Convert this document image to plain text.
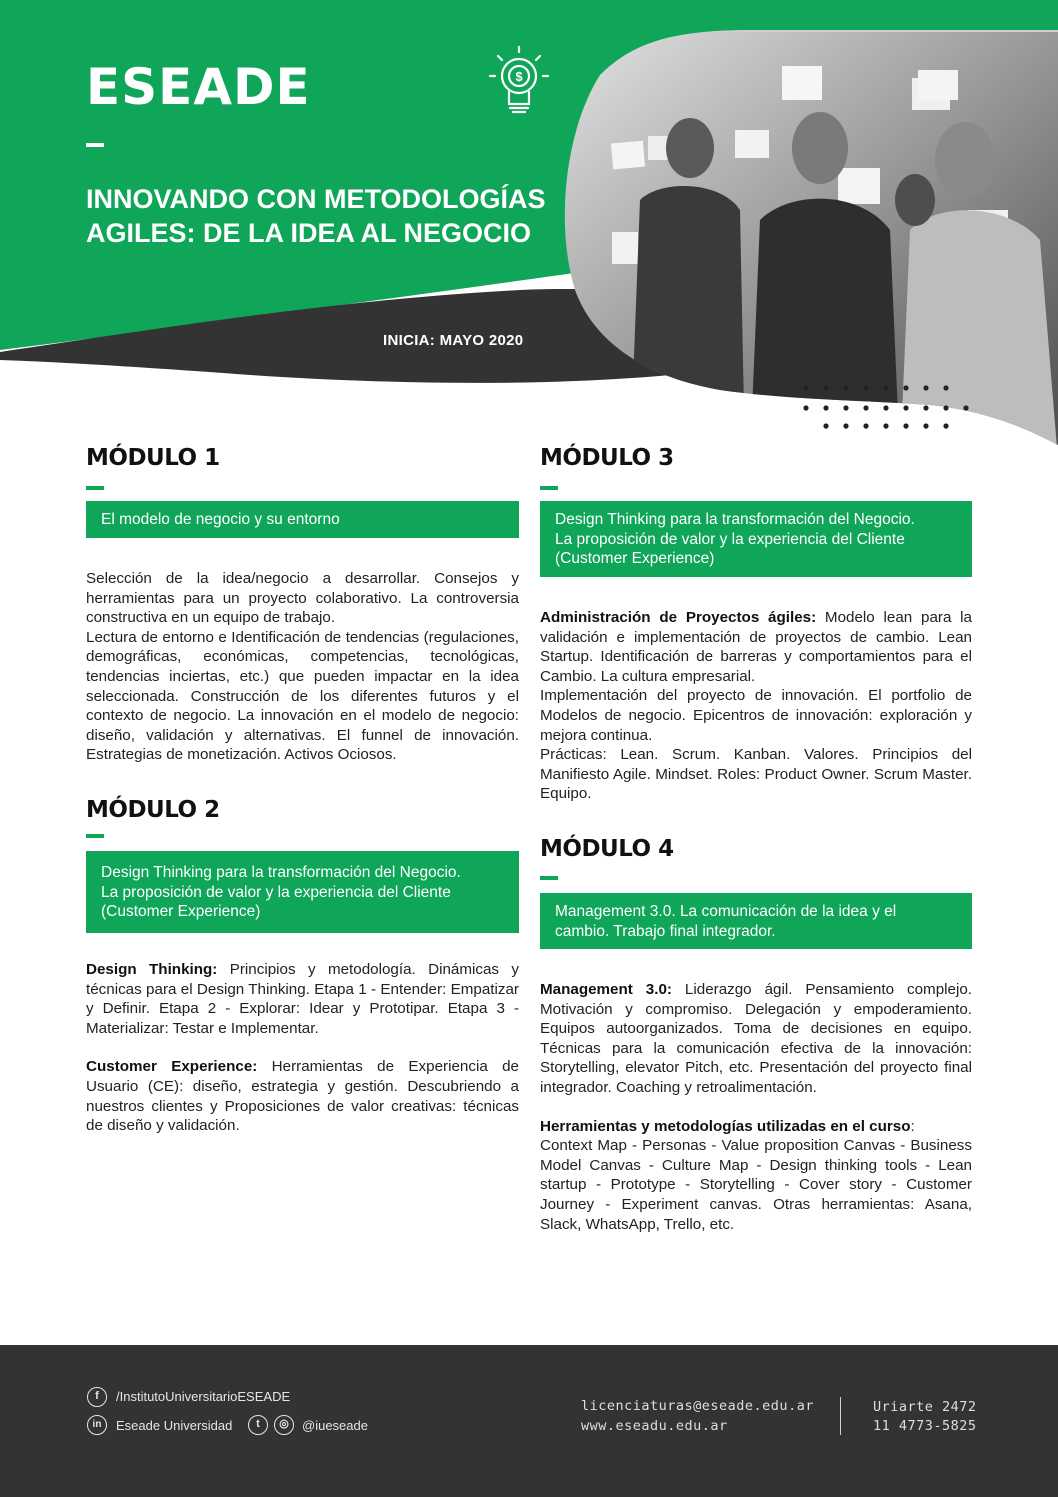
$
ESEADE
INNOVANDO CON METODOLOGÍAS
AGILES: DE LA IDEA AL NEGOCIO
INICIA: MAYO 2020
MÓDULO 1
El modelo de negocio y su entorno

Selección de la idea/negocio a desarrollar. Consejos y herramientas para un proyecto colaborativo. La controversia constructiva en un equipo de trabajo.

Lectura de entorno e Identificación de tendencias (regulaciones, demográficas, económicas, competencias, tecnológicas, tendencias inciertas, etc.) que pueden impactar en la idea seleccionada. Construcción de los diferentes futuros y el contexto de negocio. La innovación en el modelo de negocio: diseño, validación y alternativas. El funnel de innovación. Estrategias de monetización. Activos Ociosos.

MÓDULO 2
Design Thinking para la transformación del Negocio.
La proposición de valor y la experiencia del Cliente
(Customer Experience)

Design Thinking: Principios y metodología. Dinámicas y técnicas para el Design Thinking. Etapa 1 - Entender: Empatizar y Definir. Etapa 2 - Explorar: Idear y Prototipar. Etapa 3 - Materializar: Testar e Implementar.

Customer Experience: Herramientas de Experiencia de Usuario (CE): diseño, estrategia y gestión. Descubriendo a nuestros clientes y Proposiciones de valor creativas: técnicas de diseño y validación.

MÓDULO 3
Design Thinking para la transformación del Negocio.
La proposición de valor y la experiencia del Cliente
(Customer Experience)

Administración de Proyectos ágiles: Modelo lean para la validación e implementación de proyectos de cambio. Lean Startup. Identificación de barreras y comportamientos para el Cambio. La cultura empresarial.

Implementación del proyecto de innovación. El portfolio de Modelos de negocio. Epicentros de innovación: exploración y mejora continua.

Prácticas: Lean. Scrum. Kanban. Valores. Principios del Manifiesto Agile. Mindset. Roles: Product Owner. Scrum Master. Equipo.

MÓDULO 4
Management 3.0. La comunicación de la idea y el
cambio. Trabajo final integrador.

Management 3.0: Liderazgo ágil. Pensamiento complejo. Motivación y compromiso. Delegación y empoderamiento. Equipos autoorganizados. Toma de decisiones en equipo. Técnicas para la comunicación efectiva de la innovación: Storytelling, elevator Pitch, etc. Presentación del proyecto final integrador. Coaching y retroalimentación.

Herramientas y metodologías utilizadas en el curso:

Context Map - Personas - Value proposition Canvas - Business Model Canvas - Culture Map - Design thinking tools - Lean startup - Prototype - Storytelling - Cover story - Customer Journey - Experiment canvas. Otras herramientas: Asana, Slack, WhatsApp, Trello, etc.

f	/InstitutoUniversitarioESEADE
in	Eseade Universidad	t	◎	@iueseade
licenciaturas@eseade.edu.ar
www.eseadu.edu.ar
Uriarte 2472
11 4773-5825
